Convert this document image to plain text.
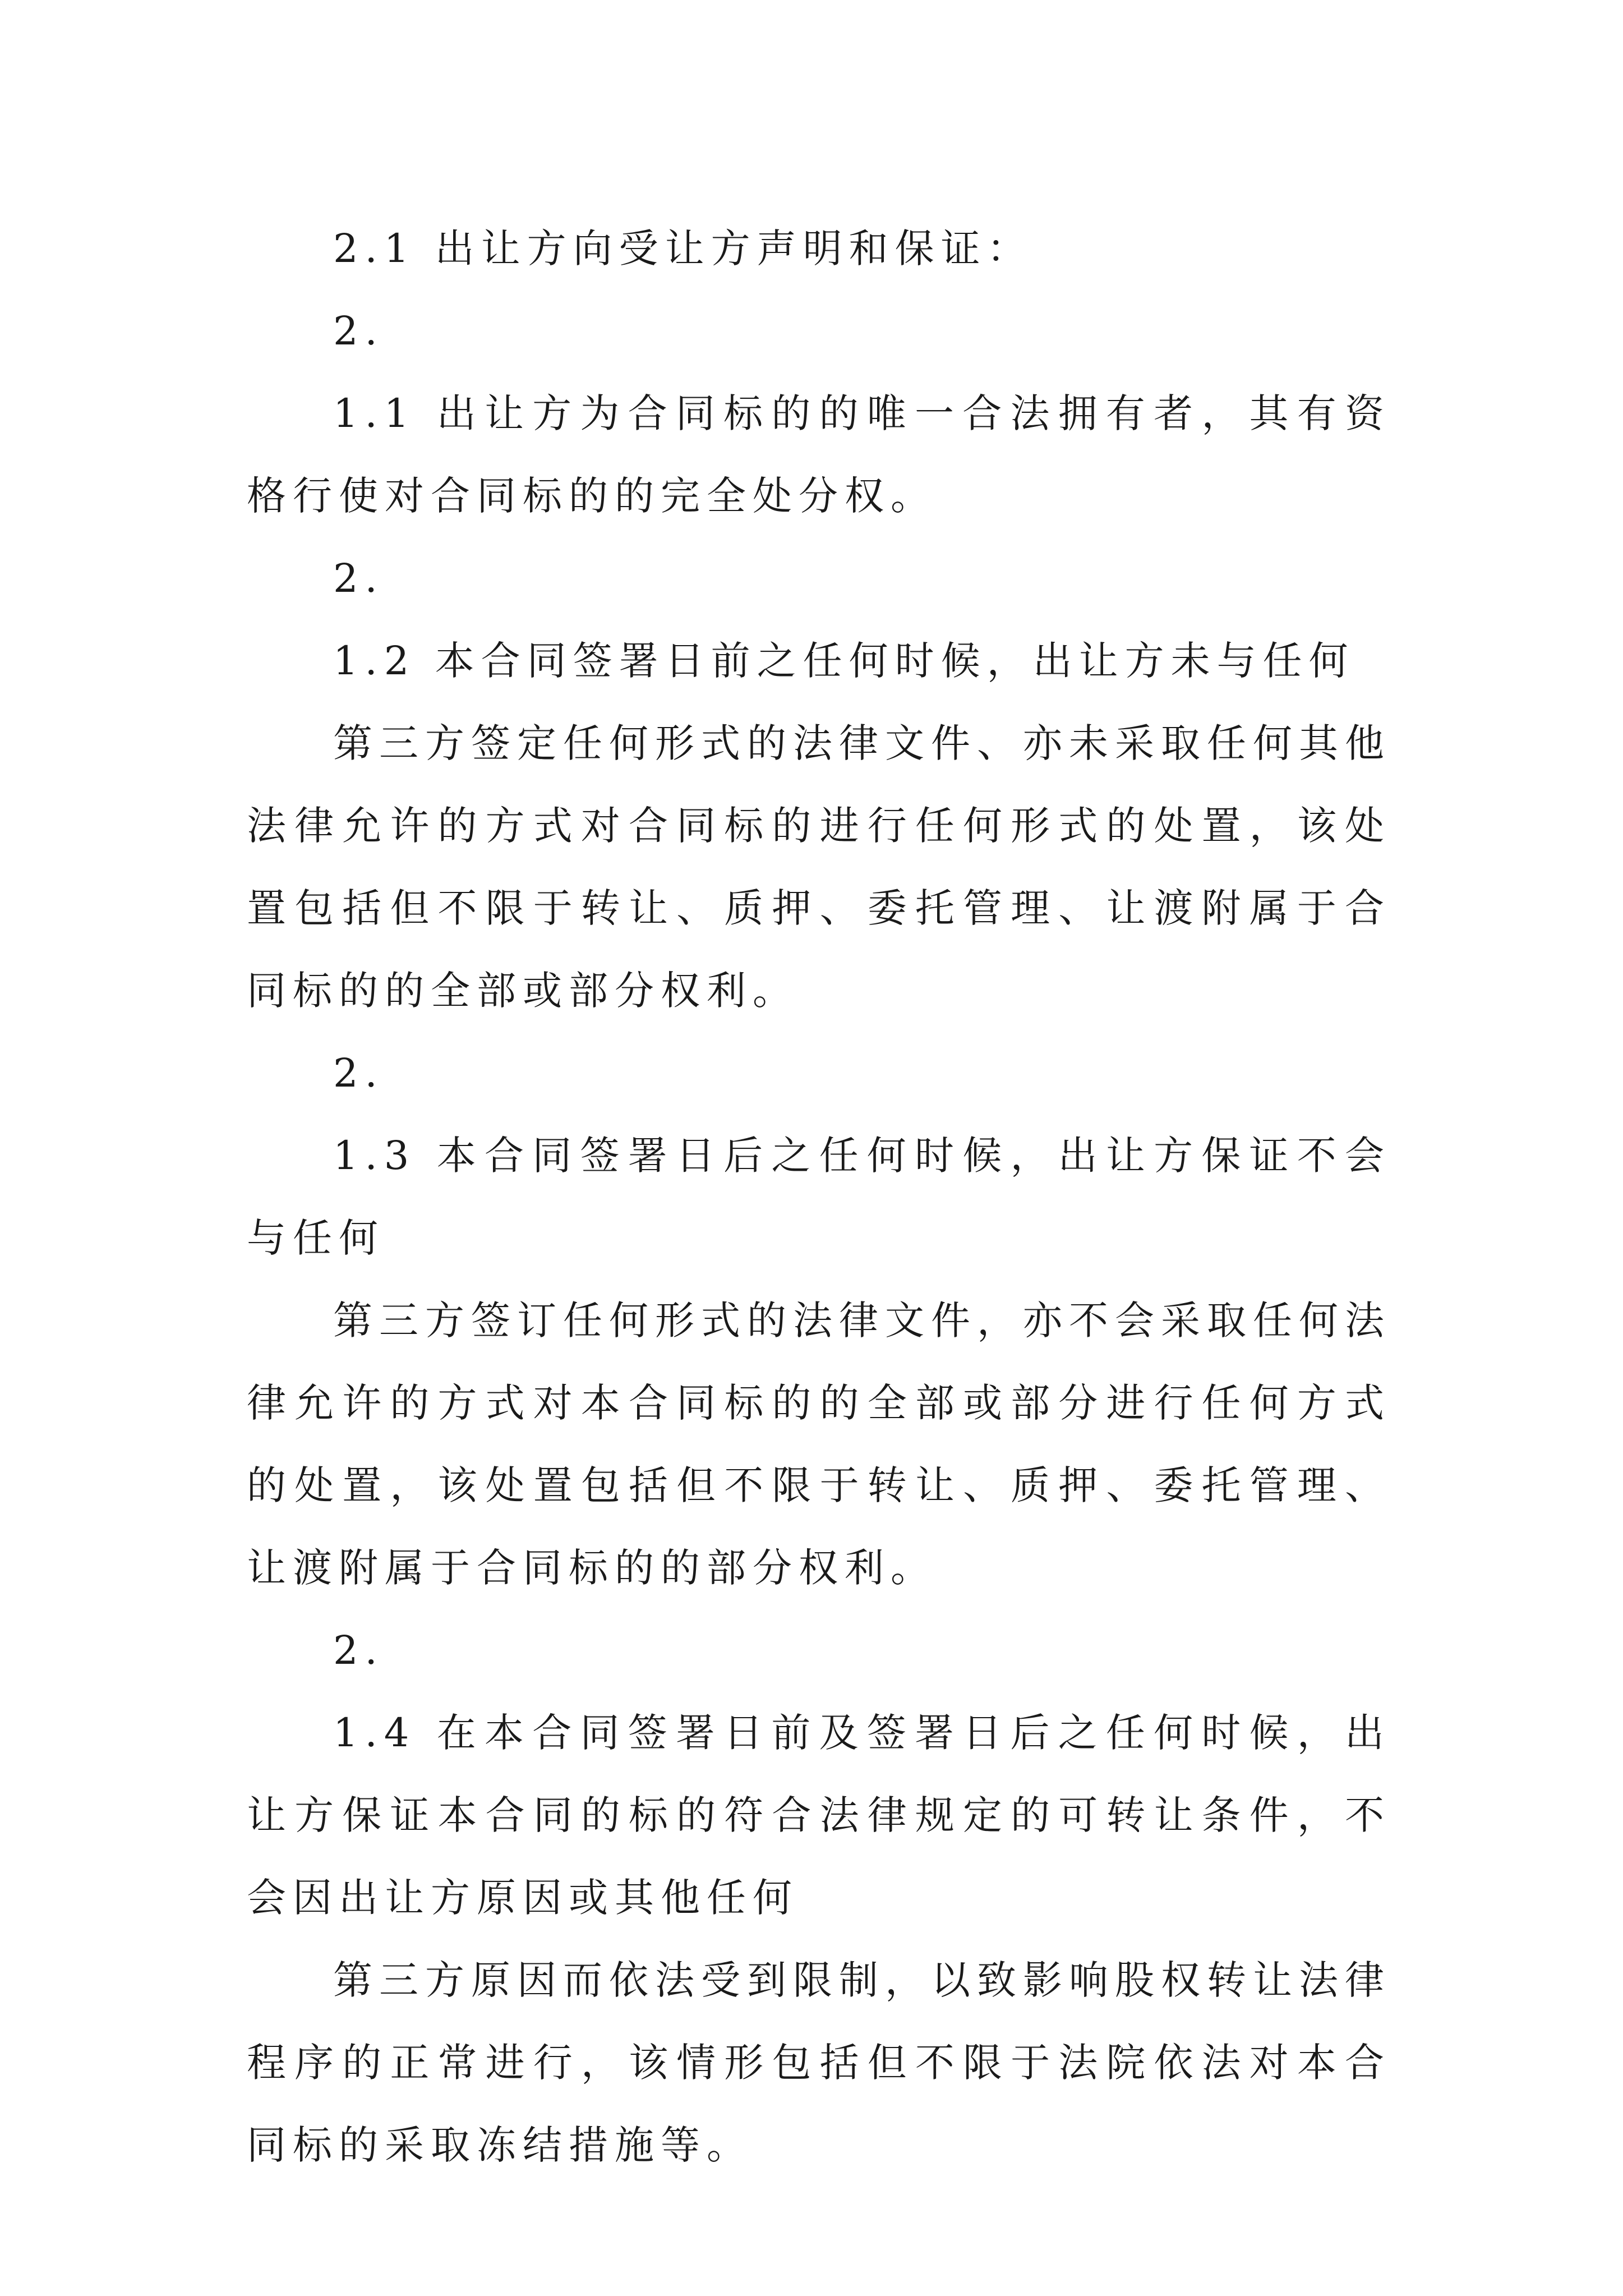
2.1 出让方向受让方声明和保证：

2.

1.1 出让方为合同标的的唯一合法拥有者，其有资格行使对合同标的的完全处分权。

2.

1.2 本合同签署日前之任何时候，出让方未与任何

第三方签定任何形式的法律文件、亦未采取任何其他法律允许的方式对合同标的进行任何形式的处置，该处置包括但不限于转让、质押、委托管理、让渡附属于合同标的的全部或部分权利。

2.

1.3 本合同签署日后之任何时候，出让方保证不会与任何

第三方签订任何形式的法律文件，亦不会采取任何法律允许的方式对本合同标的的全部或部分进行任何方式的处置，该处置包括但不限于转让、质押、委托管理、让渡附属于合同标的的部分权利。

2.

1.4 在本合同签署日前及签署日后之任何时候，出让方保证本合同的标的符合法律规定的可转让条件，不会因出让方原因或其他任何

第三方原因而依法受到限制，以致影响股权转让法律程序的正常进行，该情形包括但不限于法院依法对本合同标的采取冻结措施等。
